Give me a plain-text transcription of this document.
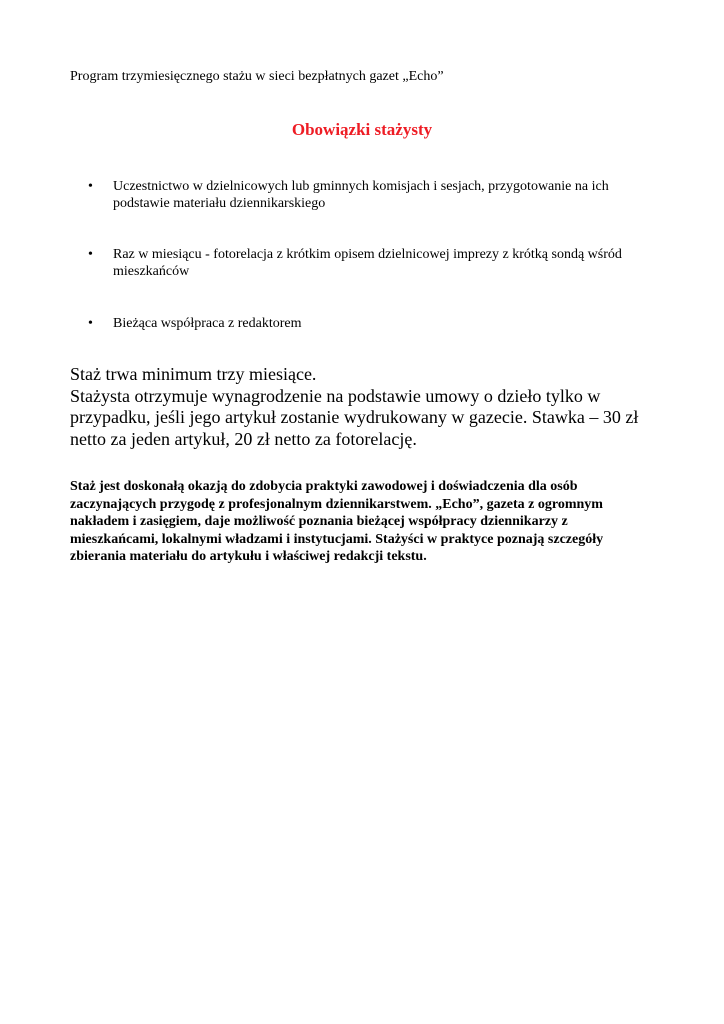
Program trzymiesięcznego stażu w sieci bezpłatnych gazet „Echo”
Obowiązki stażysty
•	Uczestnictwo w dzielnicowych lub gminnych komisjach i sesjach, przygotowanie na ich podstawie materiału dziennikarskiego
•	Raz w miesiącu - fotorelacja z krótkim opisem dzielnicowej imprezy z krótką sondą wśród mieszkańców
•	Bieżąca współpraca z redaktorem

Staż trwa minimum trzy miesiące.

Stażysta otrzymuje wynagrodzenie na podstawie umowy o dzieło tylko w przypadku, jeśli jego artykuł zostanie wydrukowany w gazecie. Stawka – 30 zł netto za jeden artykuł, 20 zł netto za fotorelację.

Staż jest doskonałą okazją do zdobycia praktyki zawodowej i doświadczenia dla osób zaczynających przygodę z profesjonalnym dziennikarstwem. „Echo”, gazeta z ogromnym nakładem i zasięgiem, daje możliwość poznania bieżącej współpracy dziennikarzy z mieszkańcami, lokalnymi władzami i instytucjami. Stażyści w praktyce poznają szczegóły zbierania materiału do artykułu i właściwej redakcji tekstu.
